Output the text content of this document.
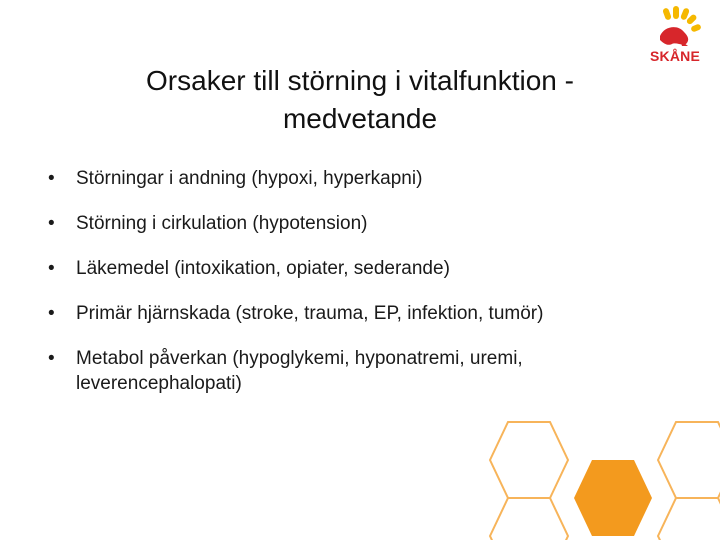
Orsaker till störning i vitalfunktion -
medvetande
• Störningar i andning (hypoxi, hyperkapni)
• Störning i cirkulation (hypotension)
• Läkemedel (intoxikation, opiater, sederande)
• Primär hjärnskada (stroke, trauma, EP, infektion, tumör)
• Metabol påverkan (hypoglykemi, hyponatremi, uremi, leverencephalopati)
SKÅNE
